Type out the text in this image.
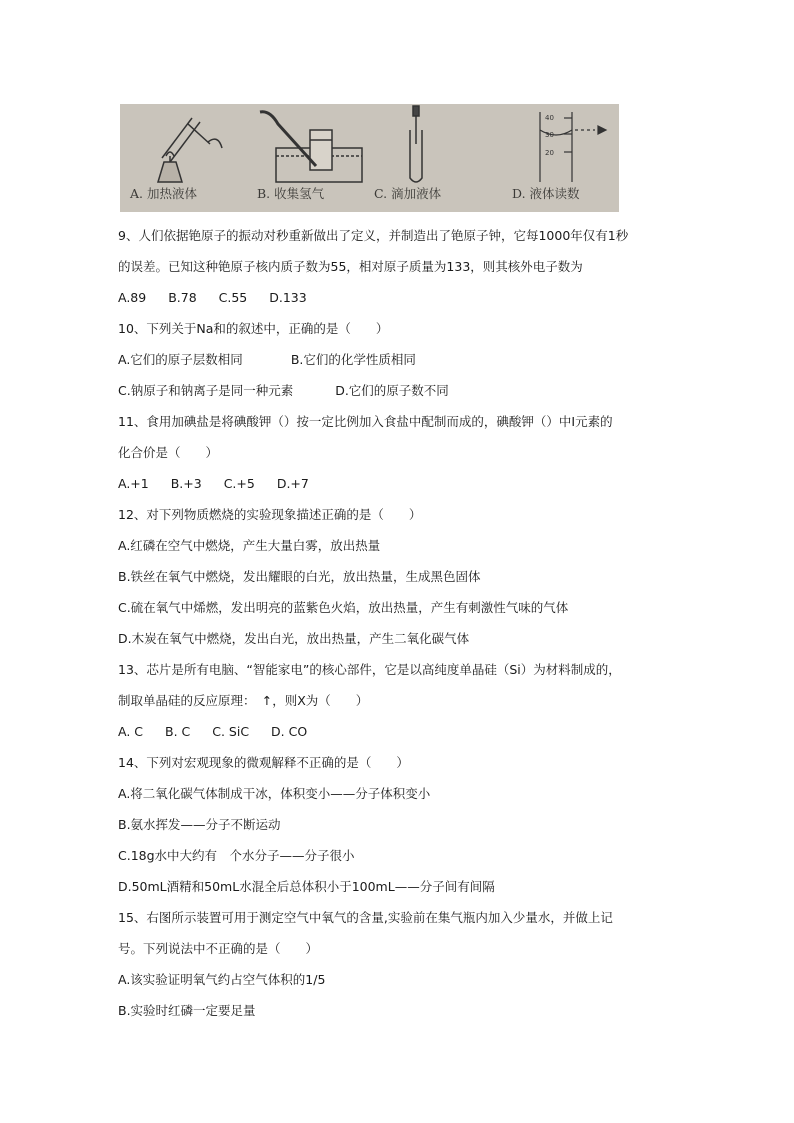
40
30
20
A. 加热液体	B. 收集氢气	C. 滴加液体	D. 液体读数
9、人们依据铯原子的振动对秒重新做出了定义，并制造出了铯原子钟，它每1000年仅有1秒
的误差。已知这种铯原子核内质子数为55，相对原子质量为133，则其核外电子数为
A.89 B.78 C.55 D.133
10、下列关于Na和的叙述中，正确的是（　　）
A.它们的原子层数相同	B.它们的化学性质相同
C.钠原子和钠离子是同一种元素	D.它们的原子数不同
11、食用加碘盐是将碘酸钾（）按一定比例加入食盐中配制而成的，碘酸钾（）中I元素的
化合价是（　　）
A.+1 B.+3 C.+5 D.+7
12、对下列物质燃烧的实验现象描述正确的是（　　）
A.红磷在空气中燃烧，产生大量白雾，放出热量
B.铁丝在氧气中燃烧，发出耀眼的白光，放出热量，生成黑色固体
C.硫在氧气中烯燃，发出明亮的蓝紫色火焰，放出热量，产生有刺激性气味的气体
D.木炭在氧气中燃烧，发出白光，放出热量，产生二氧化碳气体
13、芯片是所有电脑、“智能家电”的核心部件，它是以高纯度单晶硅（Si）为材料制成的，
制取单晶硅的反应原理：　↑，则X为（　　）
A. C B. C C. SiC D. CO
14、下列对宏观现象的微观解释不正确的是（　　）
A.将二氧化碳气体制成干冰，体积变小——分子体积变小
B.氨水挥发——分子不断运动
C.18g水中大约有　个水分子——分子很小
D.50mL酒精和50mL水混全后总体积小于100mL——分子间有间隔
15、右图所示装置可用于测定空气中氧气的含量,实验前在集气瓶内加入少量水，并做上记
号。下列说法中不正确的是（　　）
A.该实验证明氧气约占空气体积的1/5
B.实验时红磷一定要足量
